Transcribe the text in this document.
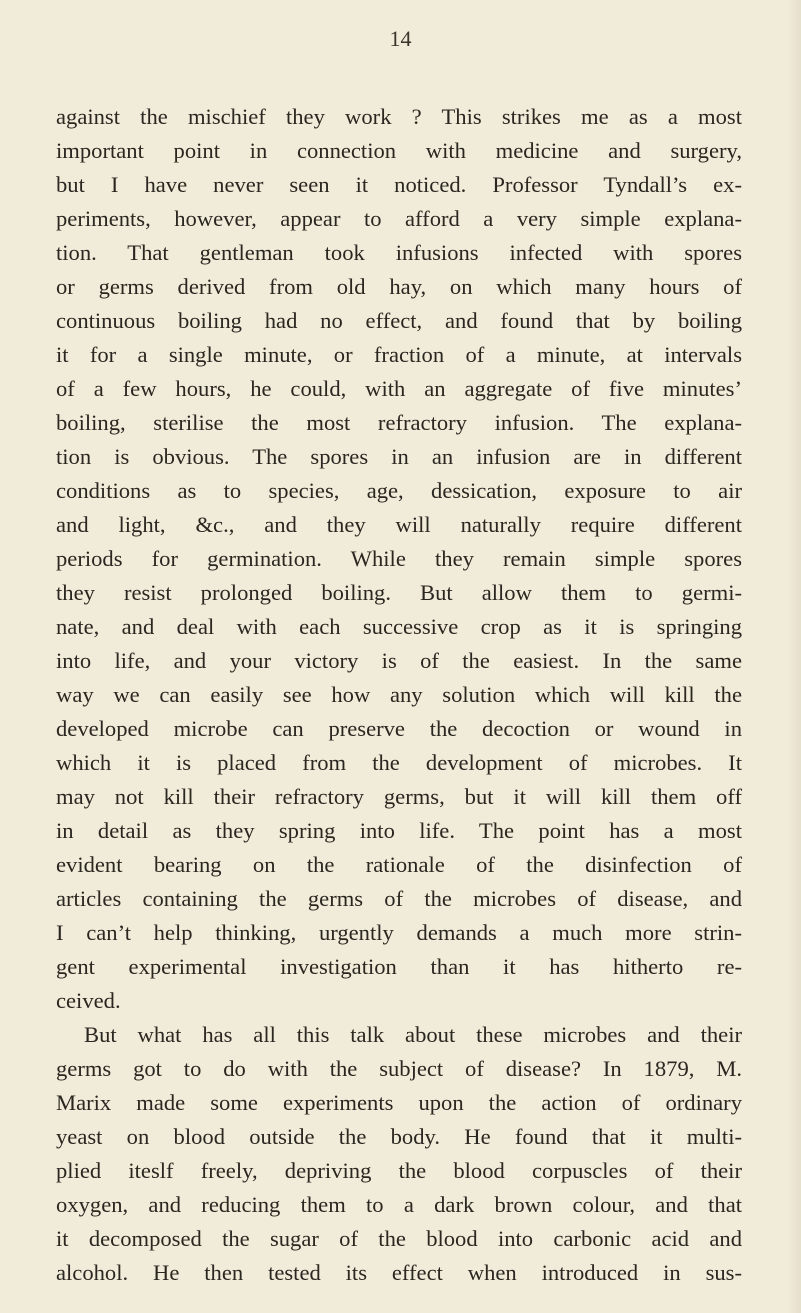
14
against the mischief they work ? This strikes me as a most
important point in connection with medicine and surgery,
but I have never seen it noticed. Professor Tyndall’s ex-
periments, however, appear to afford a very simple explana-
tion. That gentleman took infusions infected with spores
or germs derived from old hay, on which many hours of
continuous boiling had no effect, and found that by boiling
it for a single minute, or fraction of a minute, at intervals
of a few hours, he could, with an aggregate of five minutes’
boiling, sterilise the most refractory infusion. The explana-
tion is obvious. The spores in an infusion are in different
conditions as to species, age, dessication, exposure to air
and light, &c., and they will naturally require different
periods for germination. While they remain simple spores
they resist prolonged boiling. But allow them to germi-
nate, and deal with each successive crop as it is springing
into life, and your victory is of the easiest. In the same
way we can easily see how any solution which will kill the
developed microbe can preserve the decoction or wound in
which it is placed from the development of microbes. It
may not kill their refractory germs, but it will kill them off
in detail as they spring into life. The point has a most
evident bearing on the rationale of the disinfection of
articles containing the germs of the microbes of disease, and
I can’t help thinking, urgently demands a much more strin-
gent experimental investigation than it has hitherto re-
ceived.
But what has all this talk about these microbes and their
germs got to do with the subject of disease? In 1879, M.
Marix made some experiments upon the action of ordinary
yeast on blood outside the body. He found that it multi-
plied iteslf freely, depriving the blood corpuscles of their
oxygen, and reducing them to a dark brown colour, and that
it decomposed the sugar of the blood into carbonic acid and
alcohol. He then tested its effect when introduced in sus-
